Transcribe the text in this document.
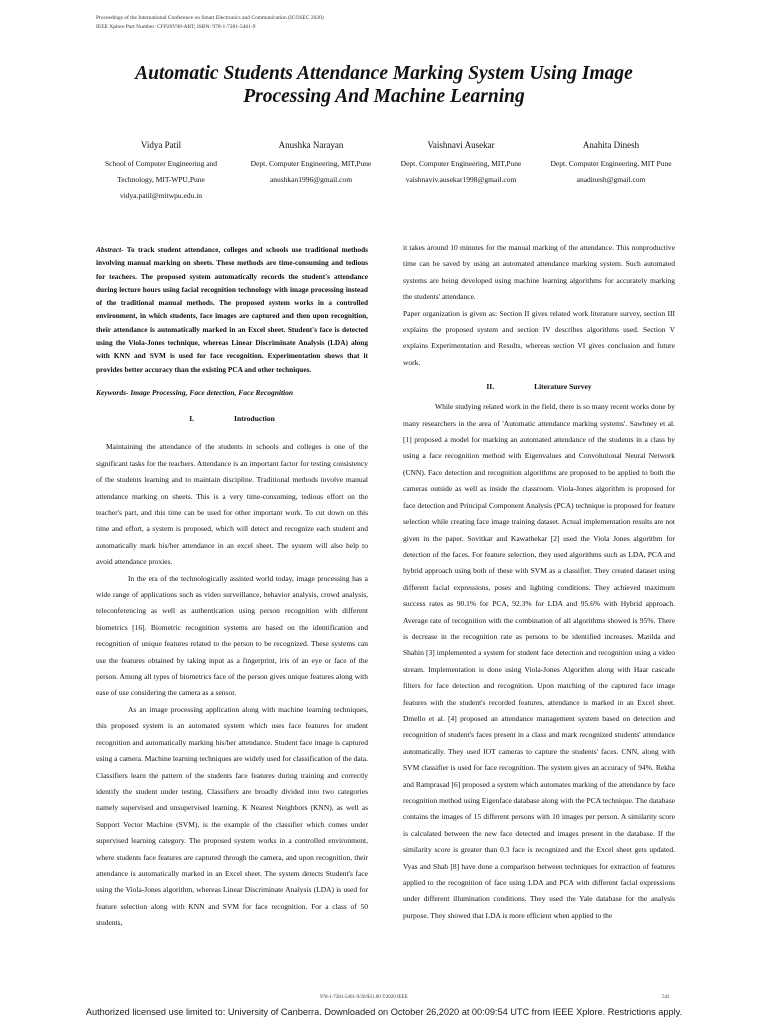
Proceedings of the International Conference on Smart Electronics and Communication (ICOSEC 2020)
IEEE Xplore Part Number: CFP20V90-ART; ISBN: 978-1-7281-5461-9
Automatic Students Attendance Marking System Using Image Processing And Machine Learning
Vidya Patil
School of Computer Engineering and Technology, MIT-WPU,Pune
vidya.patil@mitwpu.edu.in
Anushka Narayan
Dept. Computer Engineering, MIT,Pune
anushkan1996@gmail.com
Vaishnavi Ausekar
Dept. Computer Engineering, MIT,Pune
vaishnaviv.ausekar1998@gmail.com
Anahita Dinesh
Dept. Computer Engineering, MIT Pune
anadinesh@gmail.com

Abstract- To track student attendance, colleges and schools use traditional methods involving manual marking on sheets. These methods are time-consuming and tedious for teachers. The proposed system automatically records the student's attendance during lecture hours using facial recognition technology with image processing instead of the traditional manual methods. The proposed system works in a controlled environment, in which students, face images are captured and then upon recognition, their attendance is automatically marked in an Excel sheet. Student's face is detected using the Viola-Jones technique, whereas Linear Discriminate Analysis (LDA) along with KNN and SVM is used for face recognition. Experimentation shows that it provides better accuracy than the existing PCA and other techniques.

Keywords- Image Processing, Face detection, Face Recognition

I.	Introduction

Maintaining the attendance of the students in schools and colleges is one of the significant tasks for the teachers. Attendance is an important factor for testing consistency of the students learning and to maintain discipline. Traditional methods involve manual attendance marking on sheets. This is a very time-consuming, tedious effort on the teacher's part, and this time can be used for other important work. To cut down on this time and effort, a system is proposed, which will detect and recognize each student and automatically mark his/her attendance in an excel sheet. The system will also help to avoid attendance proxies.

In the era of the technologically assisted world today, image processing has a wide range of applications such as video surveillance, behavior analysis, crowd analysis, teleconferencing as well as authentication using person recognition with different biometrics [16]. Biometric recognition systems are based on the identification and recognition of unique features related to the person to be recognized. These systems can use the features obtained by taking input as a fingerprint, iris of an eye or face of the person. Among all types of biometrics face of the person gives unique features along with ease of use considering the camera as a sensor.

As an image processing application along with machine learning techniques, this proposed system is an automated system which uses face features for student recognition and automatically marking his/her attendance. Student face image is captured using a camera. Machine learning techniques are widely used for classification of the data. Classifiers learn the pattern of the students face features during training and correctly identify the student under testing. Classifiers are broadly divided into two categories namely supervised and unsupervised learning. K Nearest Neighbors (KNN), as well as Support Vector Machine (SVM), is the example of the classifier which comes under supervised learning category. The proposed system works in a controlled environment, where students face features are captured through the camera, and upon recognition, their attendance is automatically marked in an Excel sheet. The system detects Student's face using the Viola-Jones algorithm, whereas Linear Discriminate Analysis (LDA) is used for feature selection along with KNN and SVM for face recognition. For a class of 50 students,

it takes around 10 minutes for the manual marking of the attendance. This nonproductive time can be saved by using an automated attendance marking system. Such automated systems are being developed using machine learning algorithms for accurately marking the students' attendance.

Paper organization is given as: Section II gives related work literature survey, section III explains the proposed system and section IV describes algorithms used. Section V explains Experimentation and Results, whereas section VI gives conclusion and future work.

II.	Literature Survey

While studying related work in the field, there is so many recent works done by many researchers in the area of 'Automatic attendance marking systems'. Sawhney et al. [1] proposed a model for marking an automated attendance of the students in a class by using a face recognition method with Eigenvalues and Convolutional Neural Network (CNN). Face detection and recognition algorithms are proposed to be applied to both the cameras outside as well as inside the classroom. Viola-Jones algorithm is proposed for face detection and Principal Component Analysis (PCA) technique is proposed for feature selection while creating face image training dataset. Actual implementation results are not given in the paper. Sovitkar and Kawathekar [2] used the Viola Jones algorithm for detection of the faces. For feature selection, they used algorithms such as LDA, PCA and hybrid approach using both of these with SVM as a classifier. They created dataset using different facial expressions, poses and lighting conditions. They achieved maximum success rates as 90.1% for PCA, 92.3% for LDA and 95.6% with Hybrid approach. Average rate of recognition with the combination of all algorithms showed is 95%. There is decrease in the recognition rate as persons to be identified increases. Matilda and Shahin [3] implemented a system for student face detection and recognition using a video stream. Implementation is done using Viola-Jones Algorithm along with Haar cascade filters for face detection and recognition. Upon matching of the captured face image features with the student's recorded features, attendance is marked in an Excel sheet. Dmello et al. [4] proposed an attendance management system based on detection and recognition of student's faces present in a class and mark recognized students' attendance automatically. They used IOT cameras to capture the students' faces. CNN, along with SVM classifier is used for face recognition. The system gives an accuracy of 94%. Rekha and Ramprasad [6] proposed a system which automates marking of the attendance by face recognition method using Eigenface database along with the PCA technique. The database contains the images of 15 different persons with 10 images per person. A similarity score is calculated between the new face detected and images present in the database. If the similarity score is greater than 0.3 face is recognized and the Excel sheet gets updated. Vyas and Shah [8] have done a comparison between techniques for extraction of features applied to the recognition of face using LDA and PCA with different facial expressions under different illumination conditions. They used the Yale database for the analysis purpose. They showed that LDA is more efficient when applied to the

978-1-7281-5461-9/20/$31.00 ©2020 IEEE	542
Authorized licensed use limited to: University of Canberra. Downloaded on October 26,2020 at 00:09:54 UTC from IEEE Xplore. Restrictions apply.
